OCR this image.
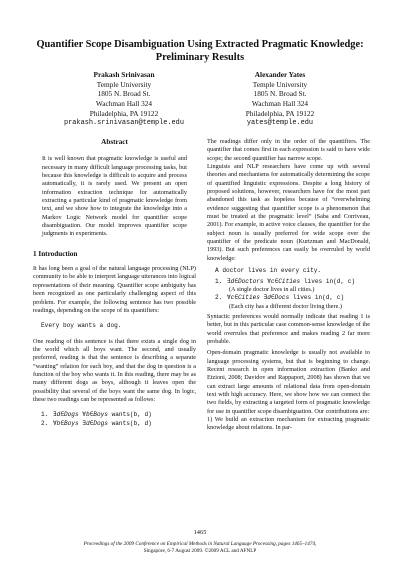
Quantifier Scope Disambiguation Using Extracted Pragmatic Knowledge:
Preliminary Results
Prakash Srinivasan
Temple University
1805 N. Broad St.
Wachman Hall 324
Philadelphia, PA 19122
prakash.srinivasan@temple.edu
Alexander Yates
Temple University
1805 N. Broad St.
Wachman Hall 324
Philadelphia, PA 19122
yates@temple.edu
Abstract

It is well known that pragmatic knowledge is useful and necessary in many difficult language processing tasks, but because this knowledge is difficult to acquire and process automatically, it is rarely used. We present an open information extraction technique for automatically extracting a particular kind of pragmatic knowledge from text, and we show how to integrate the knowledge into a Markov Logic Network model for quantifier scope disambiguation. Our model improves quantifier scope judgments in experiments.

1 Introduction

It has long been a goal of the natural language processing (NLP) community to be able to interpret language utterances into logical representations of their meaning. Quantifier scope ambiguity has been recognized as one particularly challenging aspect of this problem. For example, the following sentence has two possible readings, depending on the scope of its quantifiers:

Every boy wants a dog.

One reading of this sentence is that there exists a single dog in the world which all boys want. The second, and usually preferred, reading is that the sentence is describing a separate “wanting” relation for each boy, and that the dog in question is a function of the boy who wants it. In this reading, there may be as many different dogs as boys, although it leaves open the possibility that several of the boys want the same dog. In logic, these two readings can be represented as follows:

1. ∃d∈Dogs ∀b∈Boys wants(b, d)
2. ∀b∈Boys ∃d∈Dogs wants(b, d)

The readings differ only in the order of the quantifiers. The quantifier that comes first in each expression is said to have wide scope; the second quantifier has narrow scope.

Linguists and NLP researchers have come up with several theories and mechanisms for automatically determining the scope of quantified linguistic expressions. Despite a long history of proposed solutions, however, researchers have for the most part abandoned this task as hopeless because of “overwhelming evidence suggesting that quantifier scope is a phenomenon that must be treated at the pragmatic level” (Saba and Corriveau, 2001). For example, in active voice clauses, the quantifier for the subject noun is usually preferred for wide scope over the quantifier of the predicate noun (Kurtzman and MacDonald, 1993). But such preferences can easily be overruled by world knowledge:

A doctor lives in every city.
1. ∃d∈Doctors ∀c∈Cities lives in(d, c)
(A single doctor lives in all cities.)
2. ∀c∈Cities ∃d∈Docs lives in(d, c)
(Each city has a different doctor living there.)

Syntactic preferences would normally indicate that reading 1 is better, but in this particular case common-sense knowledge of the world overrules that preference and makes reading 2 far more probable.

Open-domain pragmatic knowledge is usually not available to language processing systems, but that is beginning to change. Recent research in open information extraction (Banko and Etzioni, 2008; Davidov and Rappaport, 2008) has shown that we can extract large amounts of relational data from open-domain text with high accuracy. Here, we show how we can connect the two fields, by extracting a targeted form of pragmatic knowledge for use in quantifier scope disambiguation. Our contributions are:

1) We build an extraction mechanism for extracting pragmatic knowledge about relations. In par-

1465
Proceedings of the 2009 Conference on Empirical Methods in Natural Language Processing, pages 1465–1474,
Singapore, 6-7 August 2009. ©2009 ACL and AFNLP
